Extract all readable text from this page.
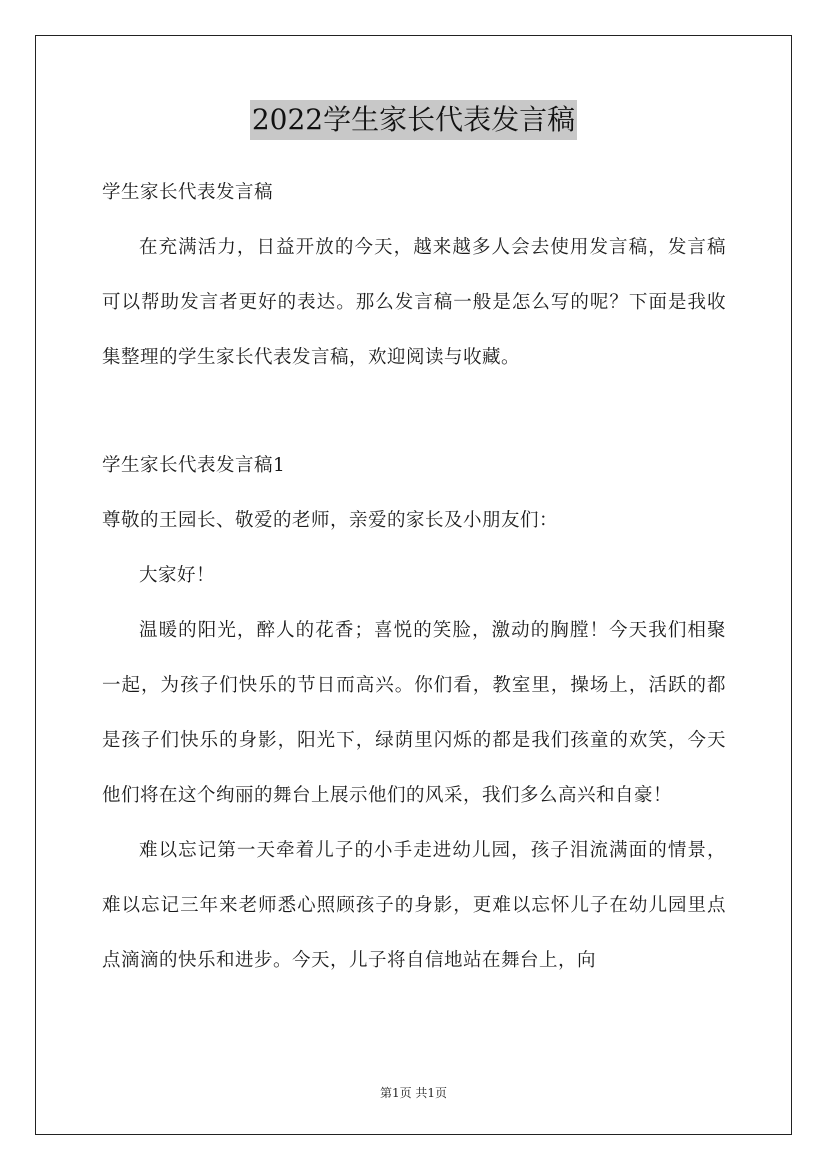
2022学生家长代表发言稿

学生家长代表发言稿

在充满活力，日益开放的今天，越来越多人会去使用发言稿，发言稿可以帮助发言者更好的表达。那么发言稿一般是怎么写的呢？下面是我收集整理的学生家长代表发言稿，欢迎阅读与收藏。

学生家长代表发言稿1

尊敬的王园长、敬爱的老师，亲爱的家长及小朋友们：

大家好！

温暖的阳光，醉人的花香；喜悦的笑脸，激动的胸膛！今天我们相聚一起，为孩子们快乐的节日而高兴。你们看，教室里，操场上，活跃的都是孩子们快乐的身影，阳光下，绿荫里闪烁的都是我们孩童的欢笑，今天他们将在这个绚丽的舞台上展示他们的风采，我们多么高兴和自豪！

难以忘记第一天牵着儿子的小手走进幼儿园，孩子泪流满面的情景，难以忘记三年来老师悉心照顾孩子的身影，更难以忘怀儿子在幼儿园里点点滴滴的快乐和进步。今天，儿子将自信地站在舞台上，向

第1页 共1页
